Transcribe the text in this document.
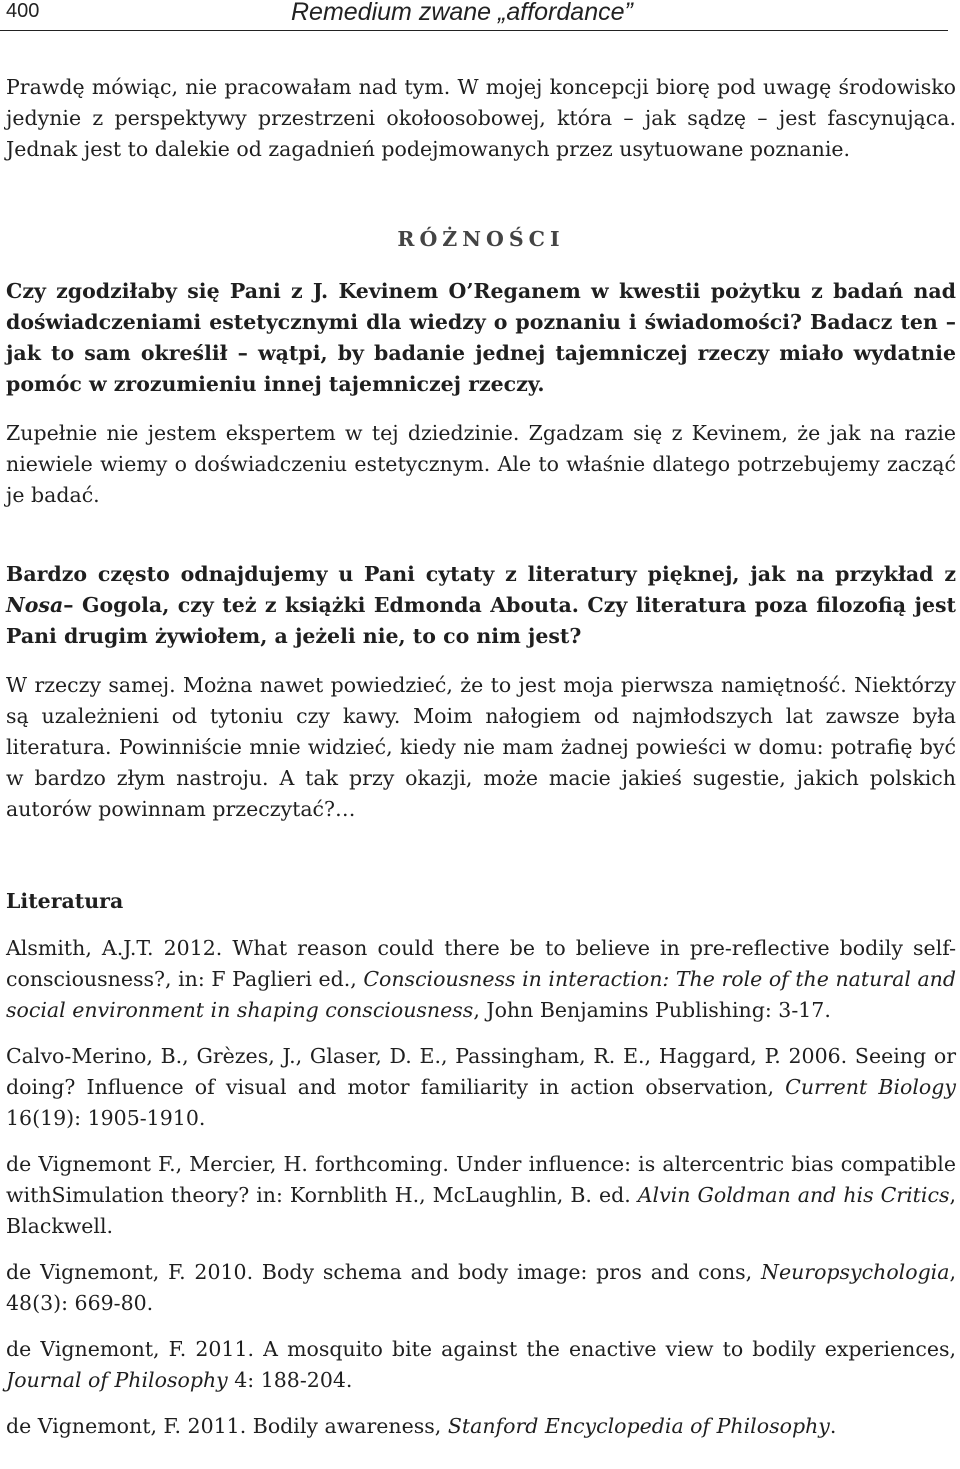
400	Remedium zwane „affordance”

Prawdę mówiąc, nie pracowałam nad tym. W mojej koncepcji biorę pod uwagę środowisko jedynie z perspektywy przestrzeni okołoosobowej, która – jak sądzę – jest fascynująca. Jednak jest to dalekie od zagadnień podejmowanych przez usytuowane poznanie.

RÓŻNOŚCI

Czy zgodziłaby się Pani z J. Kevinem O’Reganem w kwestii pożytku z badań nad doświadczeniami estetycznymi dla wiedzy o poznaniu i świadomości? Badacz ten – jak to sam określił – wątpi, by badanie jednej tajemniczej rzeczy miało wydatnie pomóc w zrozumieniu innej tajemniczej rzeczy.

Zupełnie nie jestem ekspertem w tej dziedzinie. Zgadzam się z Kevinem, że jak na razie niewiele wiemy o doświadczeniu estetycznym. Ale to właśnie dlatego potrzebujemy zacząć je badać.

Bardzo często odnajdujemy u Pani cytaty z literatury pięknej, jak na przykład z Nosa– Gogola, czy też z książki Edmonda Abouta. Czy literatura poza filozofią jest Pani drugim żywiołem, a jeżeli nie, to co nim jest?

W rzeczy samej. Można nawet powiedzieć, że to jest moja pierwsza namiętność. Niektórzy są uzależnieni od tytoniu czy kawy. Moim nałogiem od najmłodszych lat zawsze była literatura. Powinniście mnie widzieć, kiedy nie mam żadnej powieści w domu: potrafię być w bardzo złym nastroju. A tak przy okazji, może macie jakieś sugestie, jakich polskich autorów powinnam przeczytać?…

Literatura

Alsmith, A.J.T. 2012. What reason could there be to believe in pre-reflective bodily self-consciousness?, in: F Paglieri ed., Consciousness in interaction: The role of the natural and social environment in shaping consciousness, John Benjamins Publishing: 3-17.

Calvo-Merino, B., Grèzes, J., Glaser, D. E., Passingham, R. E., Haggard, P. 2006. Seeing or doing? Influence of visual and motor familiarity in action observation, Current Biology 16(19): 1905-1910.

de Vignemont F., Mercier, H. forthcoming. Under influence: is altercentric bias compatible withSimulation theory? in: Kornblith H., McLaughlin, B. ed. Alvin Goldman and his Critics, Blackwell.

de Vignemont, F. 2010. Body schema and body image: pros and cons, Neuropsychologia, 48(3): 669-80.

de Vignemont, F. 2011. A mosquito bite against the enactive view to bodily experiences, Journal of Philosophy 4: 188-204.

de Vignemont, F. 2011. Bodily awareness, Stanford Encyclopedia of Philosophy.
